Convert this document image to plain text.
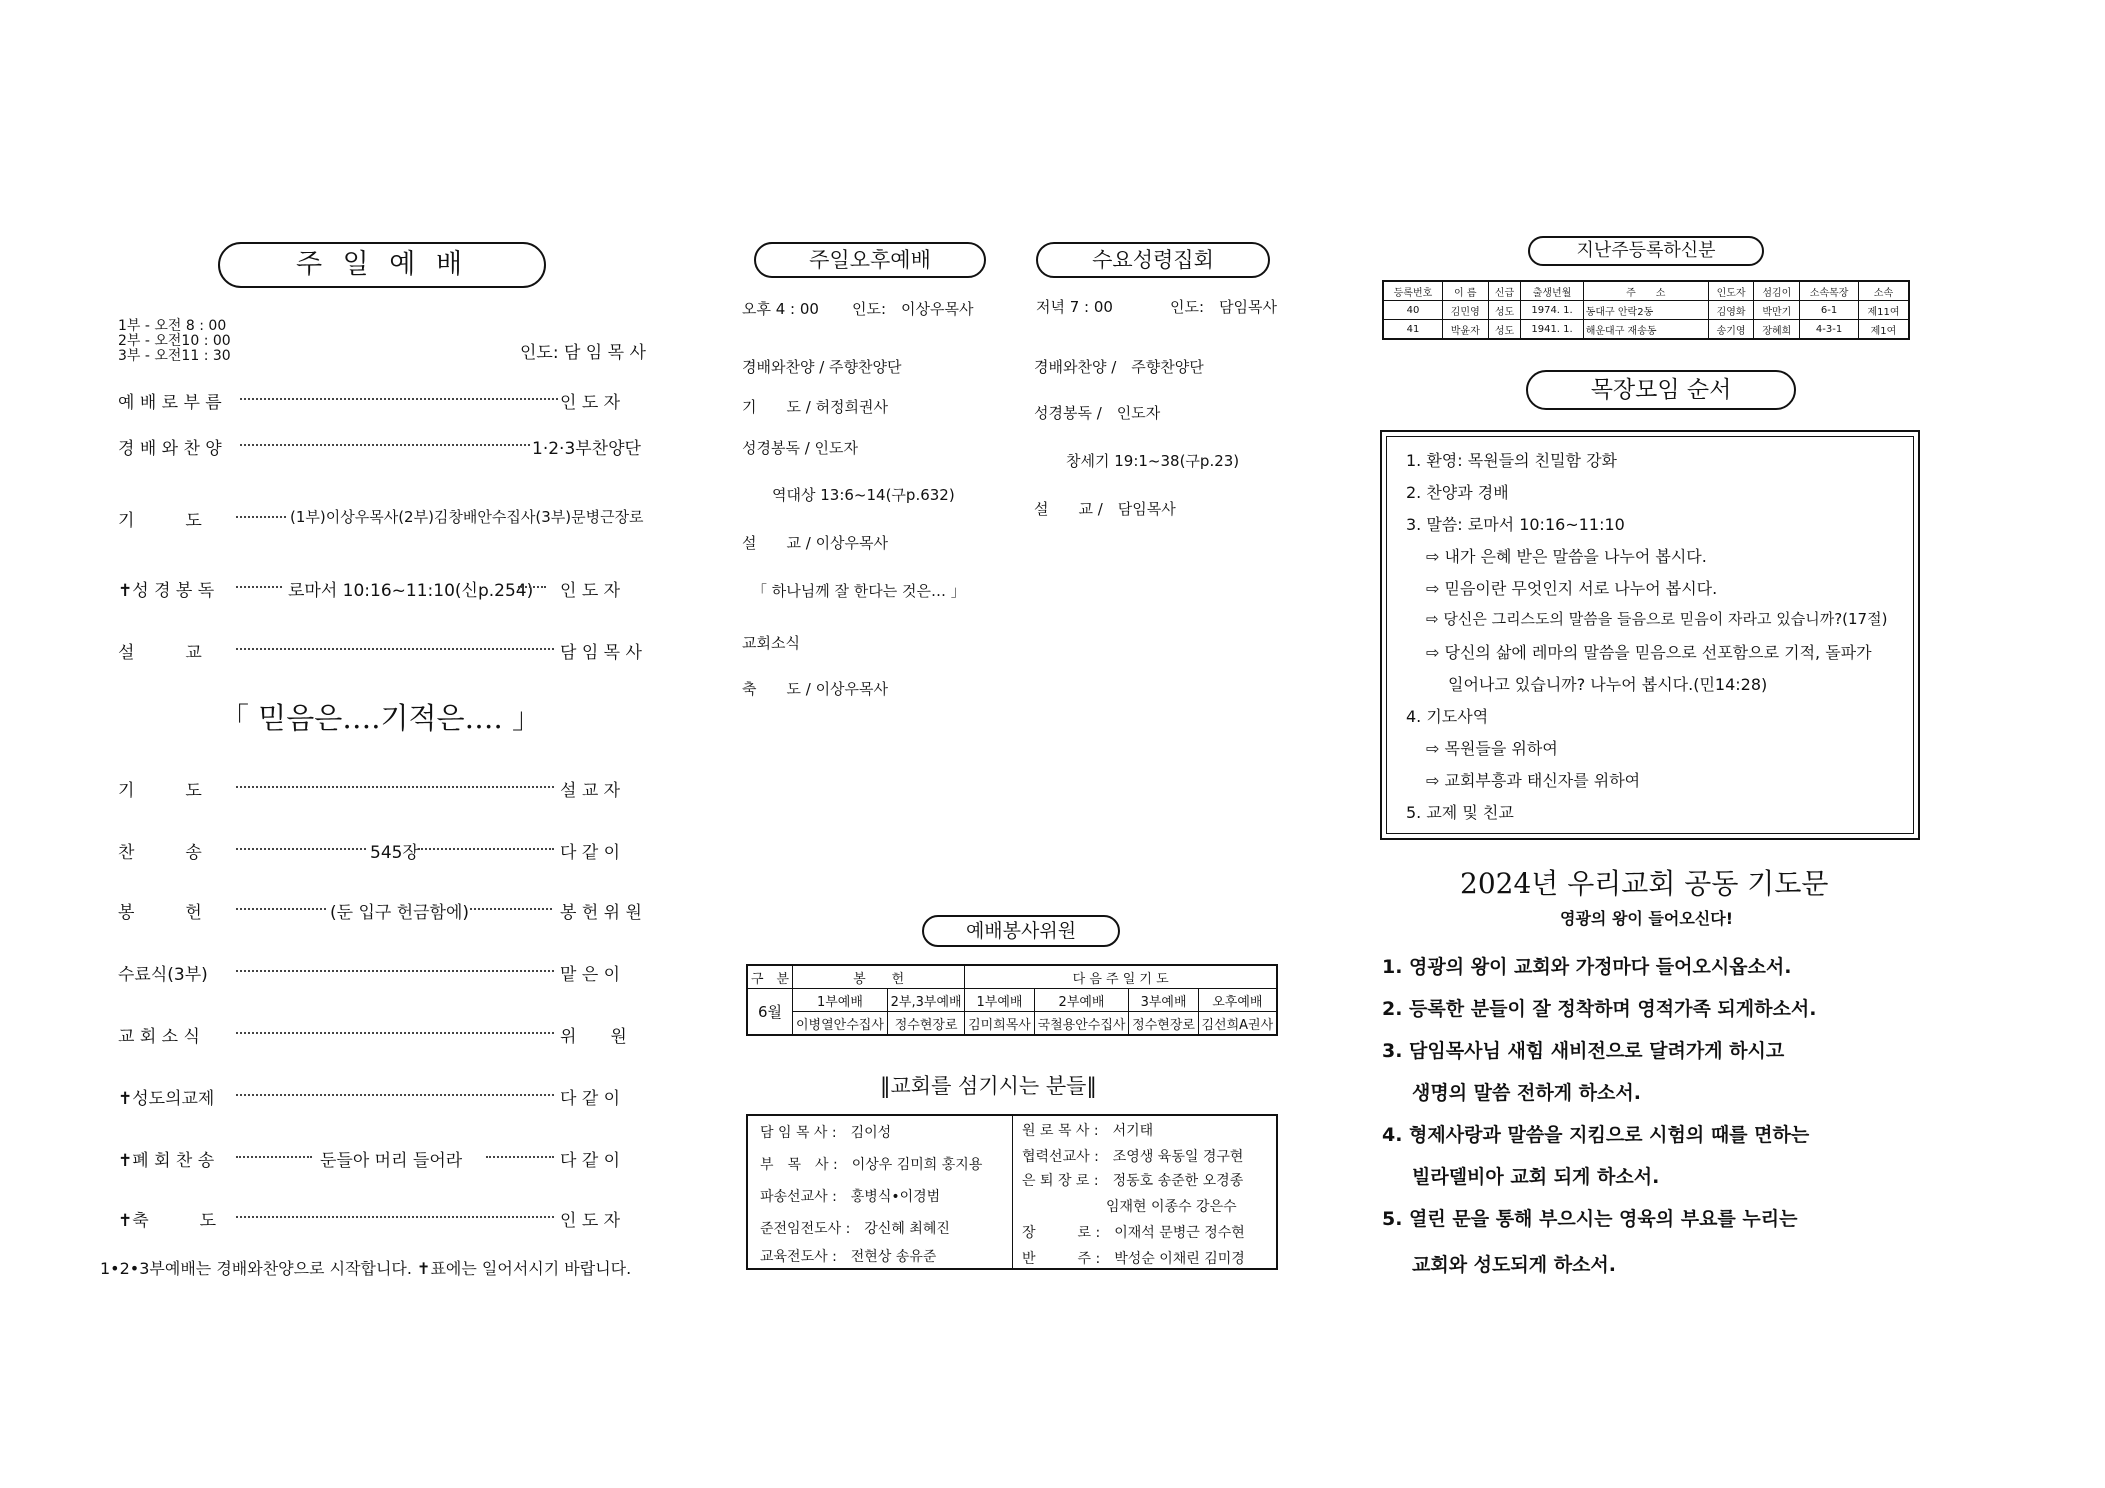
주 일 예 배
1부 - 오전 8 : 00
2부 - 오전10 : 00
3부 - 오전11 : 30	인도: 담 임 목 사
예 배 로 부 름	인 도 자
경 배 와 찬 양	1·2·3부찬양단
기　　　도	(1부)이상우목사(2부)김창배안수집사(3부)문병근장로
✝성 경 봉 독	로마서 10:16~11:10(신p.254) 인 도 자
설　　　교	담 임 목 사
「 믿음은….기적은…. 」
기　　　도	설 교 자
찬　　　송	545장	다 같 이
봉　　　헌	(둔 입구 헌금함에)	봉 헌 위 원
수료식(3부)	맡 은 이
교 회 소 식	위　　원
✝성도의교제	다 같 이
✝폐 회 찬 송	둔들아 머리 들어라	다 같 이
✝축　　　도	인 도 자
1•2•3부예배는 경배와찬양으로 시작합니다. ✝표에는 일어서시기 바랍니다.
주일오후예배
오후 4 : 00 인도:　이상우목사
경배와찬양 / 주향찬양단
기　　도 / 허정희권사
성경봉독 / 인도자
역대상 13:6~14(구p.632)
설　　교 / 이상우목사
「 하나님께 잘 한다는 것은… 」
교회소식
축　　도 / 이상우목사
수요성령집회
저녁 7 : 00	인도:　담임목사
경배와찬양 /　주향찬양단
성경봉독 /　인도자
창세기 19:1~38(구p.23)
설　　교 /　담임목사
예배봉사위원
구　분	봉　　헌		다 음 주 일 기 도			
6월	1부예배	2부,3부예배	1부예배	2부예배	3부예배	오후예배
	이병열안수집사	정수현장로	김미희목사	국철용안수집사	정수현장로	김선희A권사
‖교회를 섬기시는 분들‖
담 임 목 사 :　김이성
부　목　사 :　이상우 김미희 홍지용
파송선교사 :　홍병식•이경범
준전임전도사 :　강신혜 최혜진
교육전도사 :　전현상 송유준
원 로 목 사 :　서기태
협력선교사 :　조영생 육동일 경구현
은 퇴 장 로 :　정동호 송준한 오경종
　　　　　　임재현 이종수 강은수
장　　　로 :　이재석 문병근 정수현
반　　　주 :　박성순 이채린 김미경
지난주등록하신분
등록번호	이 름	신급	출생년월	주　　소	인도자	섬김이	소속목장	소속
40	김민영	성도	1974. 1.	동대구 안락2동	김영화	박만기	6-1	제11여
41	박윤자	성도	1941. 1.	해운대구 재송동	송기영	장혜희	4-3-1	제1여
목장모임 순서
1. 환영: 목원들의 친밀함 강화
2. 찬양과 경배
3. 말씀: 로마서 10:16~11:10
⇨ 내가 은혜 받은 말씀을 나누어 봅시다.
⇨ 믿음이란 무엇인지 서로 나누어 봅시다.
⇨ 당신은 그리스도의 말씀을 들음으로 믿음이 자라고 있습니까?(17절)
⇨ 당신의 삶에 레마의 말씀을 믿음으로 선포함으로 기적, 돌파가
일어나고 있습니까? 나누어 봅시다.(민14:28)
4. 기도사역
⇨ 목원들을 위하여
⇨ 교회부흥과 태신자를 위하여
5. 교제 및 친교
2024년 우리교회 공동 기도문
영광의 왕이 들어오신다!
1. 영광의 왕이 교회와 가정마다 들어오시옵소서.
2. 등록한 분들이 잘 정착하며 영적가족 되게하소서.
3. 담임목사님 새힘 새비전으로 달려가게 하시고
생명의 말씀 전하게 하소서.
4. 형제사랑과 말씀을 지킴으로 시험의 때를 면하는
빌라델비아 교회 되게 하소서.
5. 열린 문을 통해 부으시는 영육의 부요를 누리는
교회와 성도되게 하소서.
